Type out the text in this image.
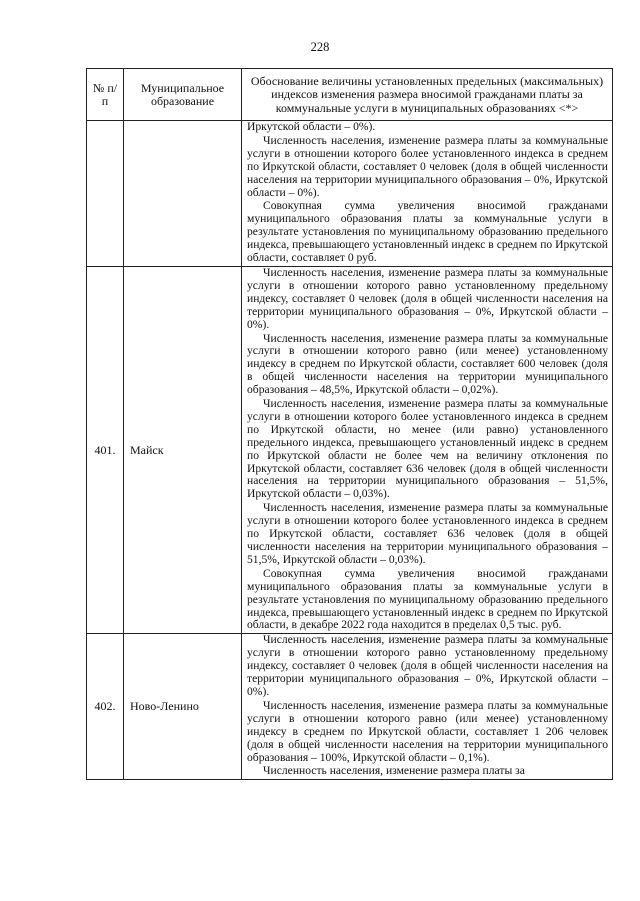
228
№ п/п	Муниципальное образование	Обоснование величины установленных предельных (максимальных) индексов изменения размера вносимой гражданами платы за коммунальные услуги в муниципальных образованиях <*>

		Иркутской области – 0%).

Численность населения, изменение размера платы за коммунальные услуги в отношении которого более установленного индекса в среднем по Иркутской области, составляет 0 человек (доля в общей численности населения на территории муниципального образования – 0%, Иркутской области – 0%).

Совокупная сумма увеличения вносимой гражданами муниципального образования платы за коммунальные услуги в результате установления по муниципальному образованию предельного индекса, превышающего установленный индекс в среднем по Иркутской области, составляет 0 руб.

401.	Майск	Численность населения, изменение размера платы за коммунальные услуги в отношении которого равно установленному предельному индексу, составляет 0 человек (доля в общей численности населения на территории муниципального образования – 0%, Иркутской области – 0%).

Численность населения, изменение размера платы за коммунальные услуги в отношении которого равно (или менее) установленному индексу в среднем по Иркутской области, составляет 600 человек (доля в общей численности населения на территории муниципального образования – 48,5%, Иркутской области – 0,02%).

Численность населения, изменение размера платы за коммунальные услуги в отношении которого более установленного индекса в среднем по Иркутской области, но менее (или равно) установленного предельного индекса, превышающего установленный индекс в среднем по Иркутской области не более чем на величину отклонения по Иркутской области, составляет 636 человек (доля в общей численности населения на территории муниципального образования – 51,5%, Иркутской области – 0,03%).

Численность населения, изменение размера платы за коммунальные услуги в отношении которого более установленного индекса в среднем по Иркутской области, составляет 636 человек (доля в общей численности населения на территории муниципального образования – 51,5%, Иркутской области – 0,03%).

Совокупная сумма увеличения вносимой гражданами муниципального образования платы за коммунальные услуги в результате установления по муниципальному образованию предельного индекса, превышающего установленный индекс в среднем по Иркутской области, в декабре 2022 года находится в пределах 0,5 тыс. руб.

402.	Ново-Ленино	Численность населения, изменение размера платы за коммунальные услуги в отношении которого равно установленному предельному индексу, составляет 0 человек (доля в общей численности населения на территории муниципального образования – 0%, Иркутской области – 0%).

Численность населения, изменение размера платы за коммунальные услуги в отношении которого равно (или менее) установленному индексу в среднем по Иркутской области, составляет 1 206 человек (доля в общей численности населения на территории муниципального образования – 100%, Иркутской области – 0,1%).

Численность населения, изменение размера платы за
